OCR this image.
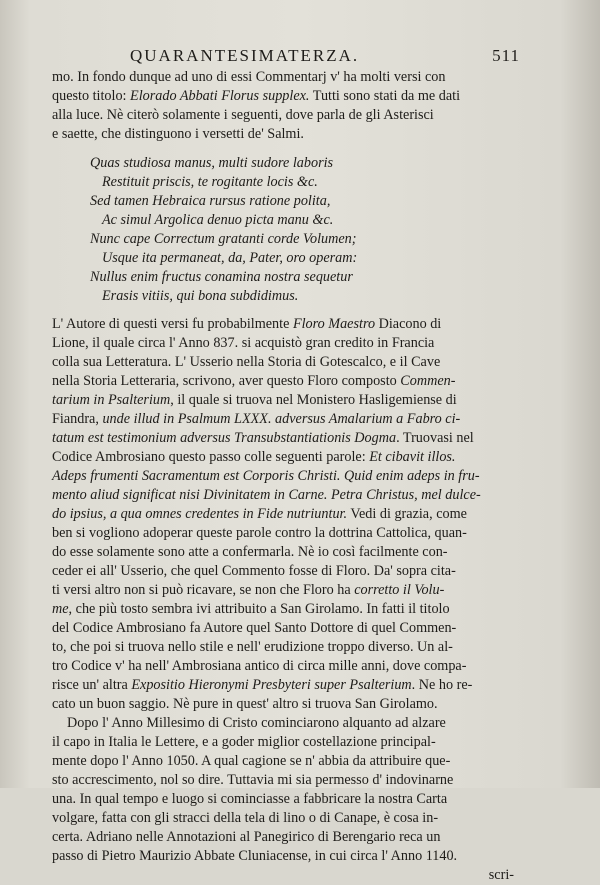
QUARANTESIMATERZA.	511
mo. In fondo dunque ad uno di essi Commentarj v' ha molti versi con
questo titolo: Elorado Abbati Florus supplex. Tutti sono stati da me dati
alla luce. Nè citerò solamente i seguenti, dove parla de gli Asterisci
e saette, che distinguono i versetti de' Salmi.
Quas studiosa manus, multi sudore laboris
Restituit priscis, te rogitante locis &c.
Sed tamen Hebraica rursus ratione polita,
Ac simul Argolica denuo picta manu &c.
Nunc cape Correctum gratanti corde Volumen;
Usque ita permaneat, da, Pater, oro operam:
Nullus enim fructus conamina nostra sequetur
Erasis vitiis, qui bona subdidimus.
L' Autore di questi versi fu probabilmente Floro Maestro Diacono di
Lione, il quale circa l' Anno 837. si acquistò gran credito in Francia
colla sua Letteratura. L' Usserio nella Storia di Gotescalco, e il Cave
nella Storia Letteraria, scrivono, aver questo Floro composto Commen-
tarium in Psalterium, il quale si truova nel Monistero Hasligemiense di
Fiandra, unde illud in Psalmum LXXX. adversus Amalarium a Fabro ci-
tatum est testimonium adversus Transubstantiationis Dogma. Truovasi nel
Codice Ambrosiano questo passo colle seguenti parole: Et cibavit illos.
Adeps frumenti Sacramentum est Corporis Christi. Quid enim adeps in fru-
mento aliud significat nisi Divinitatem in Carne. Petra Christus, mel dulce-
do ipsius, a qua omnes credentes in Fide nutriuntur. Vedi di grazia, come
ben si vogliono adoperar queste parole contro la dottrina Cattolica, quan-
do esse solamente sono atte a confermarla. Nè io così facilmente con-
ceder ei all' Usserio, che quel Commento fosse di Floro. Da' sopra cita-
ti versi altro non si può ricavare, se non che Floro ha corretto il Volu-
me, che più tosto sembra ivi attribuito a San Girolamo. In fatti il titolo
del Codice Ambrosiano fa Autore quel Santo Dottore di quel Commen-
to, che poi si truova nello stile e nell' erudizione troppo diverso. Un al-
tro Codice v' ha nell' Ambrosiana antico di circa mille anni, dove compa-
risce un' altra Expositio Hieronymi Presbyteri super Psalterium. Ne ho re-
cato un buon saggio. Nè pure in quest' altro si truova San Girolamo.
Dopo l' Anno Millesimo di Cristo cominciarono alquanto ad alzare
il capo in Italia le Lettere, e a goder miglior costellazione principal-
mente dopo l' Anno 1050. A qual cagione se n' abbia da attribuire que-
sto accrescimento, nol so dire. Tuttavia mi sia permesso d' indovinarne
una. In qual tempo e luogo si cominciasse a fabbricare la nostra Carta
volgare, fatta con gli stracci della tela di lino o di Canape, è cosa in-
certa. Adriano nelle Annotazioni al Panegirico di Berengario reca un
passo di Pietro Maurizio Abbate Cluniacense, in cui circa l' Anno 1140.
scri-
